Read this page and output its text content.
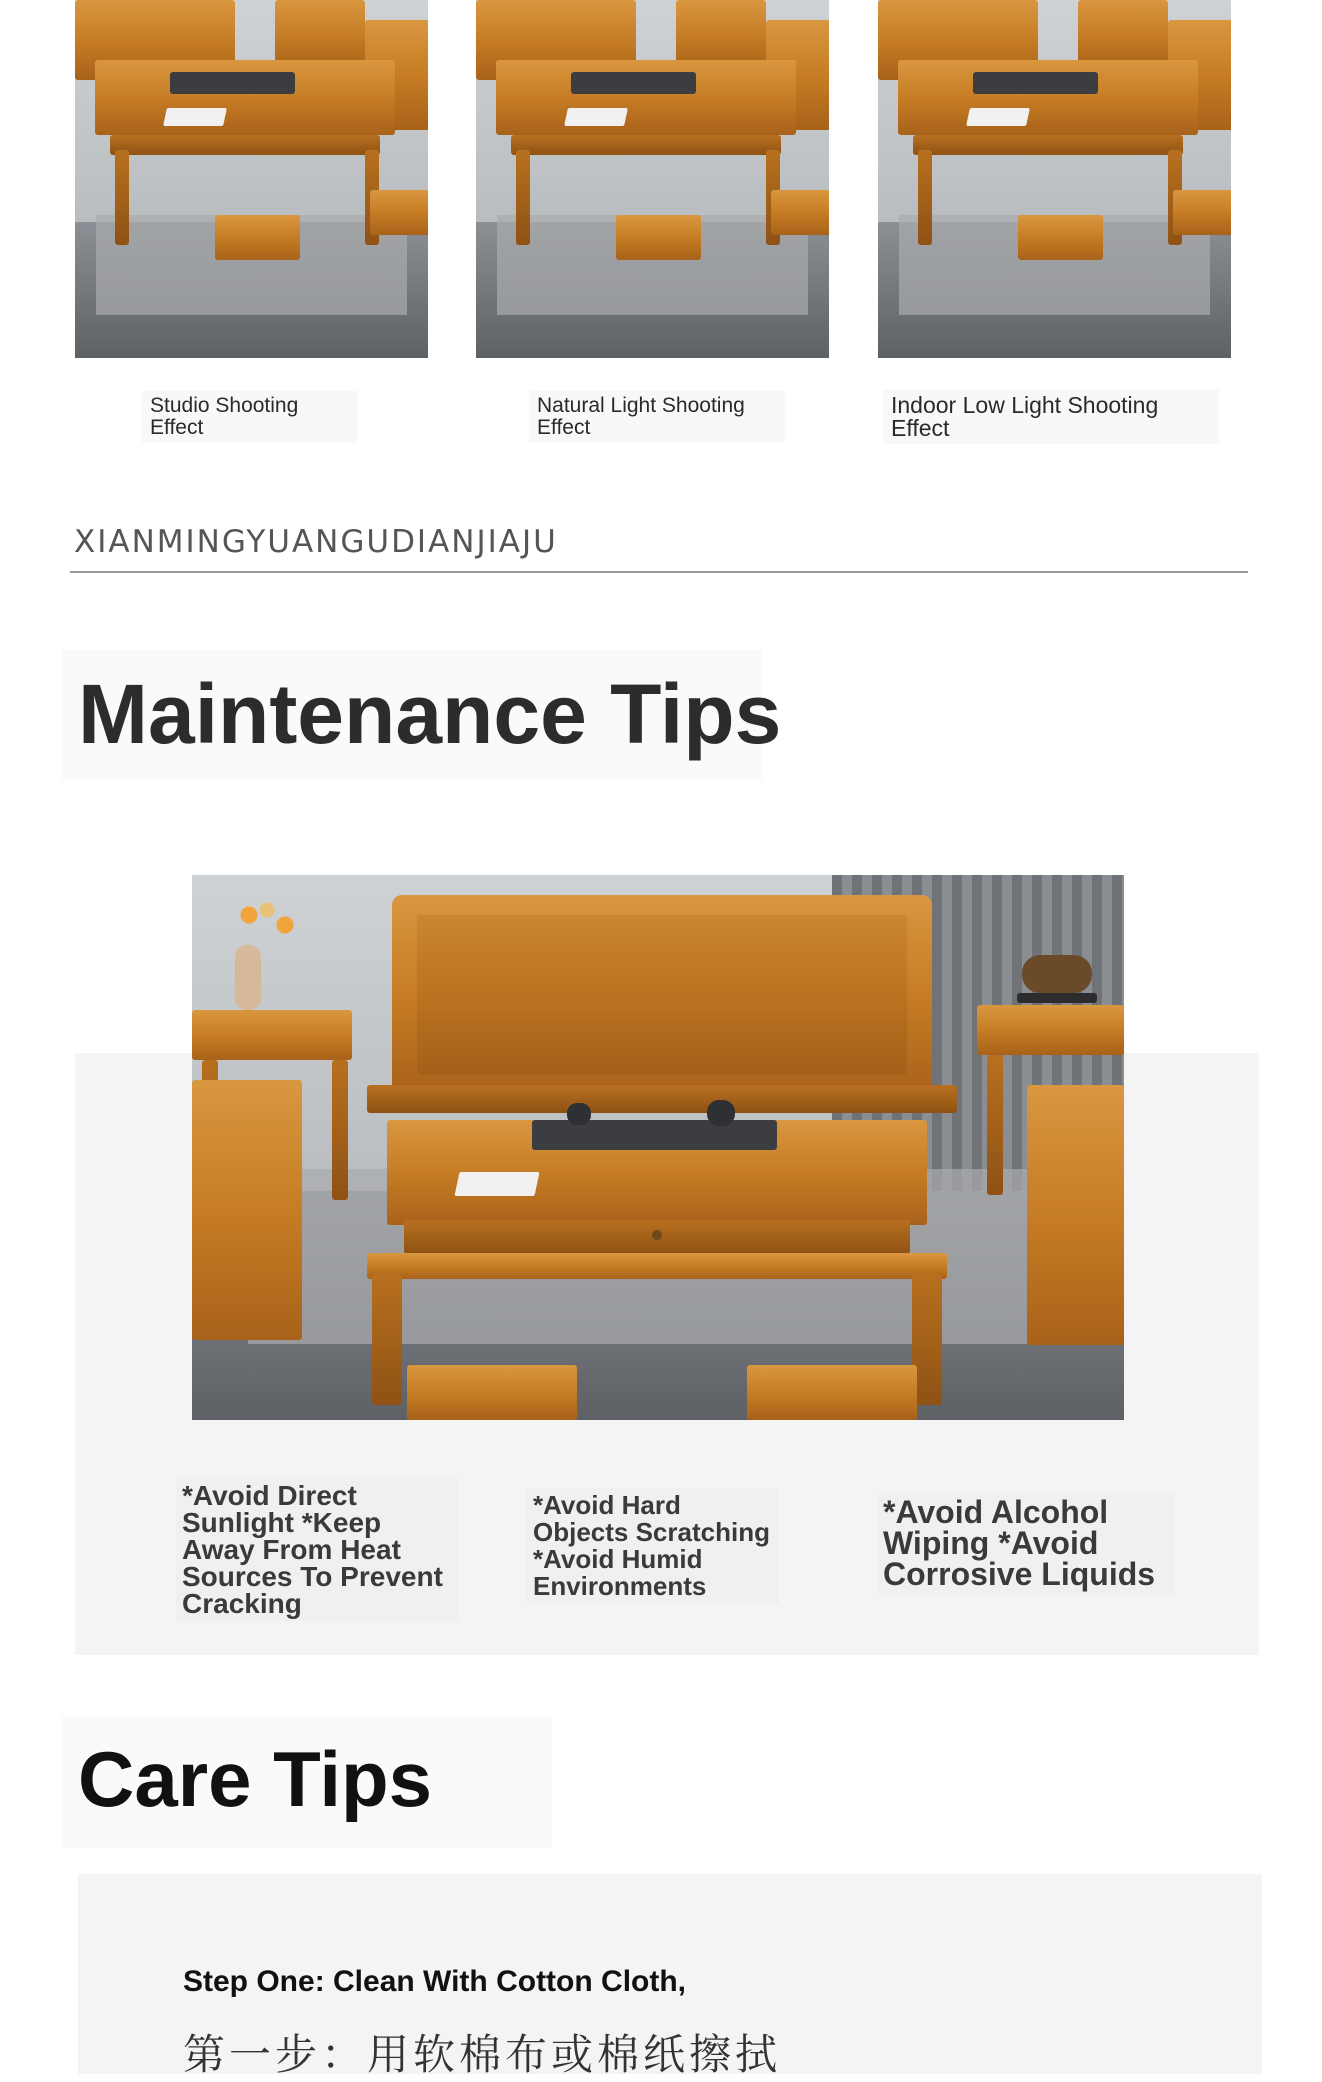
Studio Shooting Effect
Natural Light Shooting Effect
Indoor Low Light Shooting Effect
XIANMINGYUANGUDIANJIAJU
Maintenance Tips
*Avoid Direct Sunlight *Keep Away From Heat Sources To Prevent Cracking
*Avoid Hard Objects Scratching *Avoid Humid Environments
*Avoid Alcohol Wiping *Avoid Corrosive Liquids
Care Tips
Step One: Clean With Cotton Cloth,
第一步：用软棉布或棉纸擦拭
